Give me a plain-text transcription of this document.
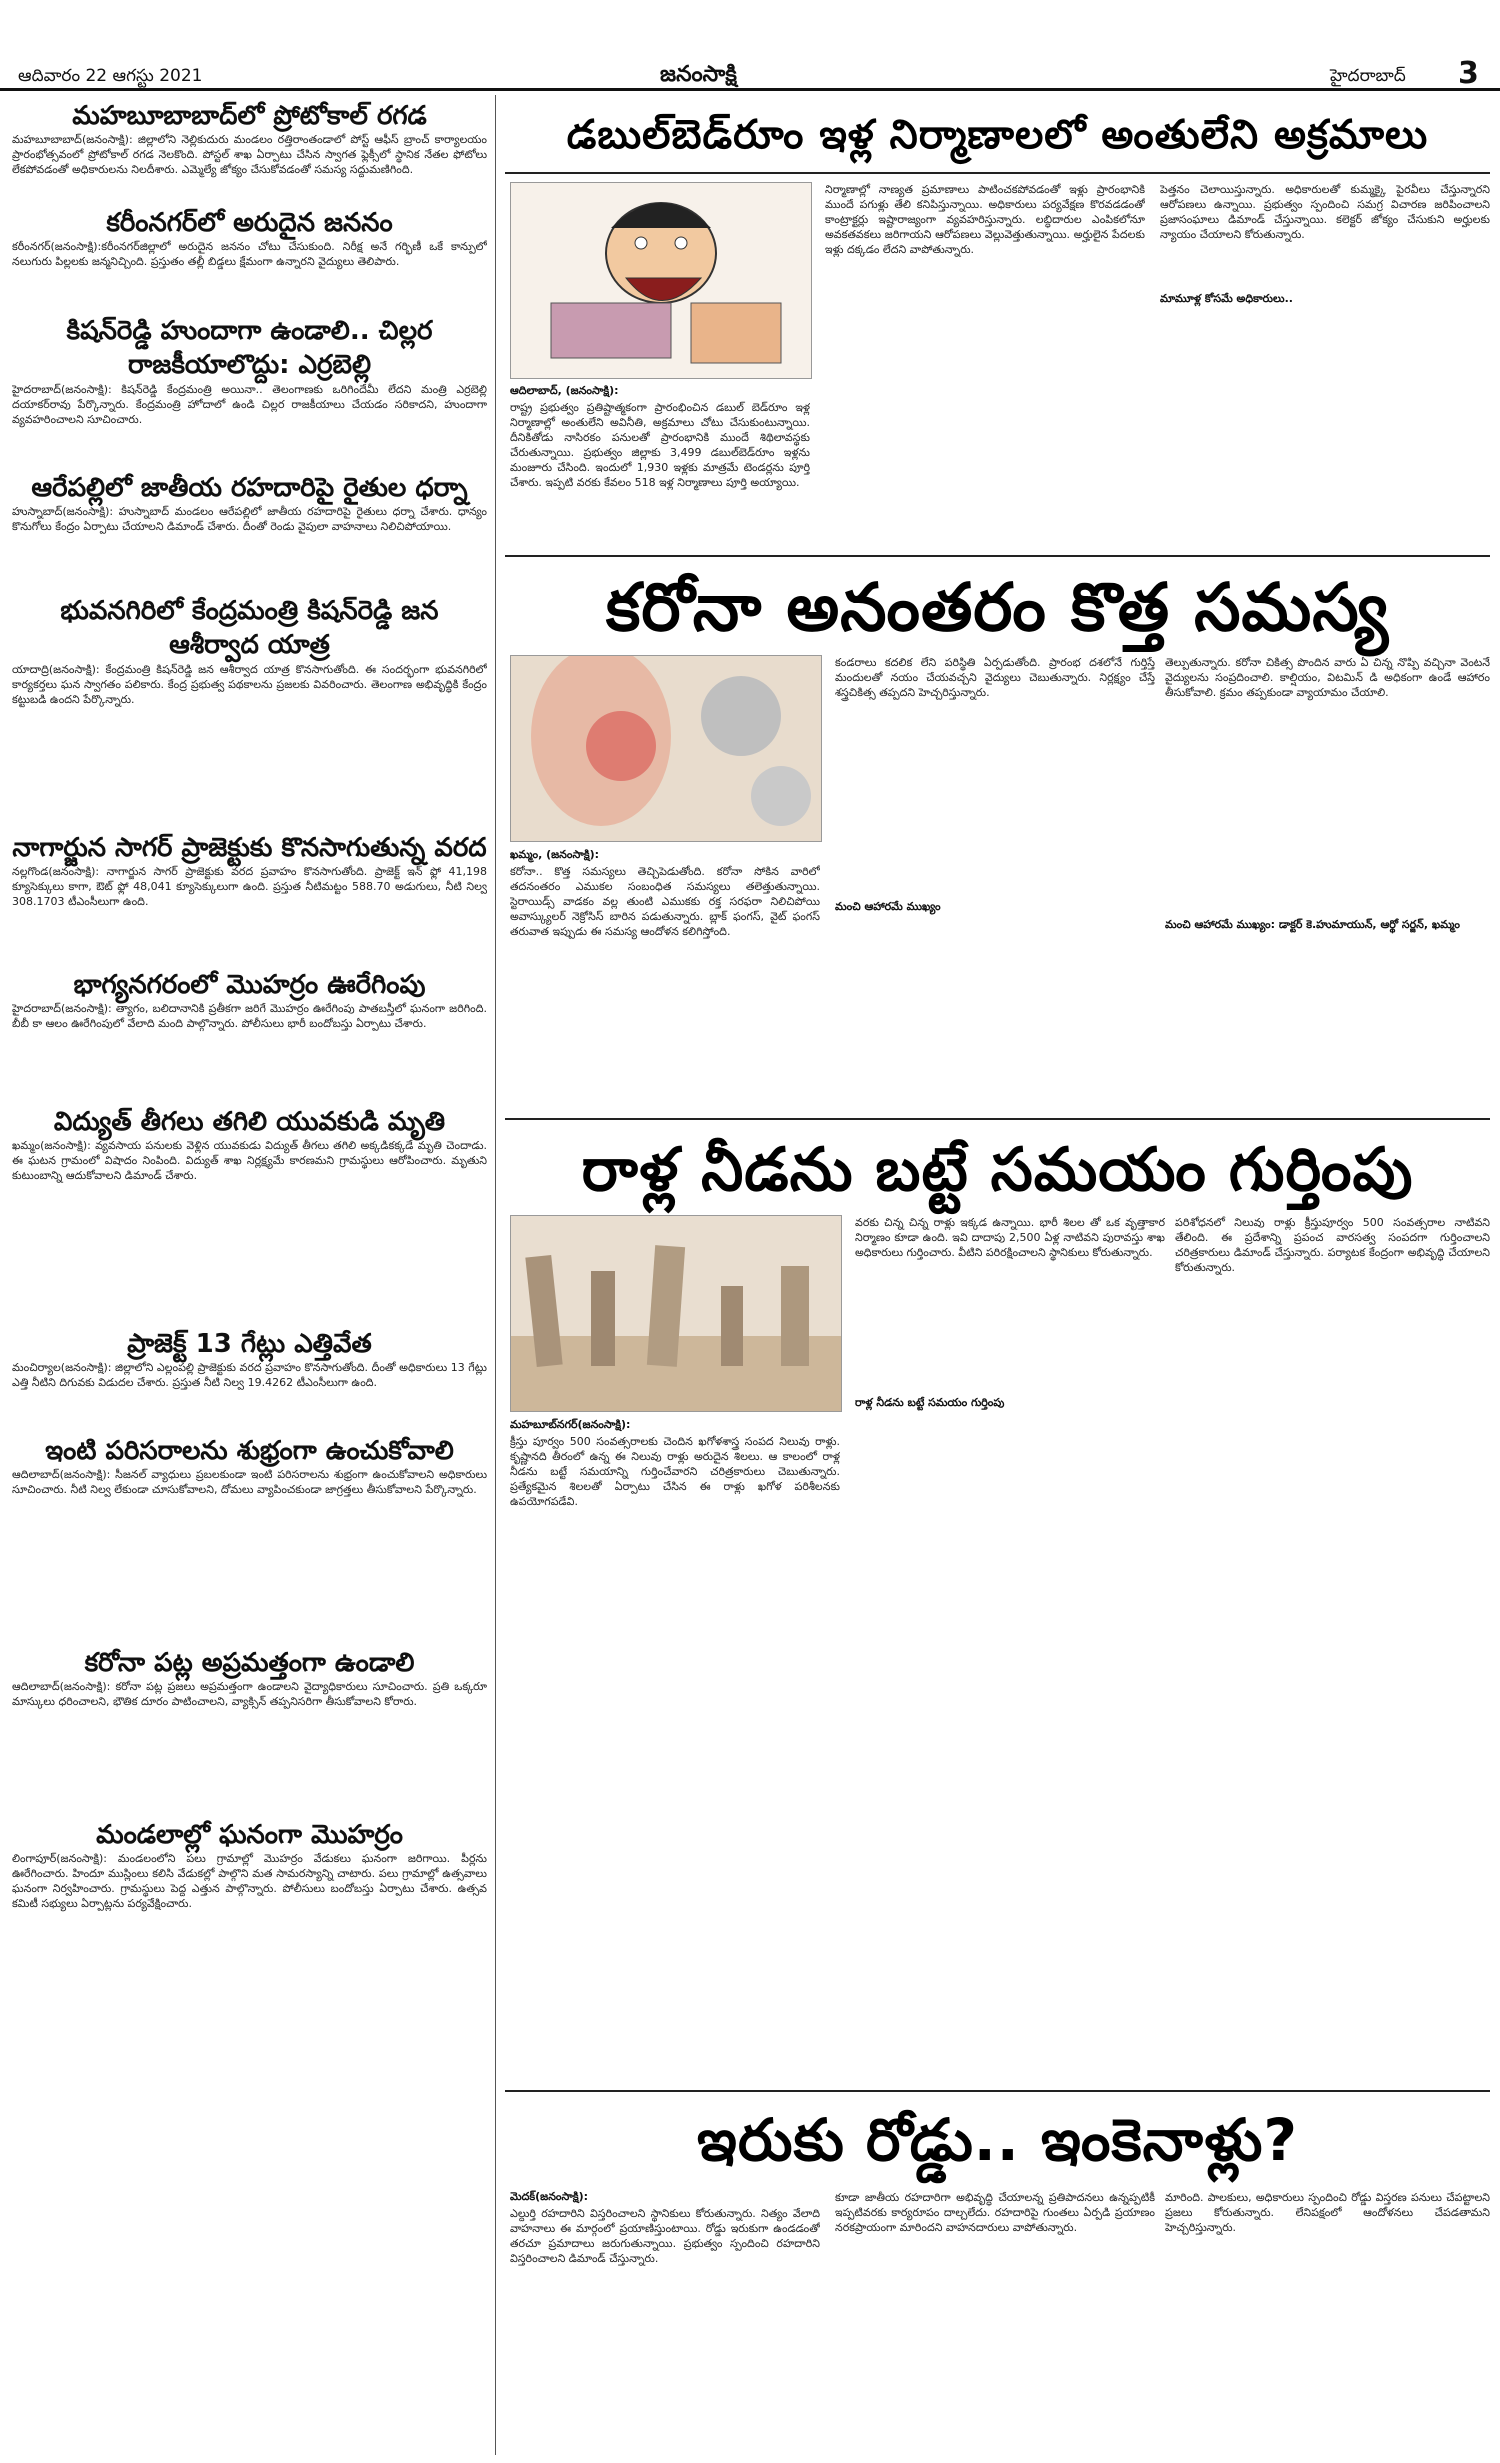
ఆదివారం 22 ఆగస్టు 2021	జనంసాక్షి	హైదరాబాద్ 3
మహబూబాబాద్‌లో ప్రోటోకాల్‌ రగడ
మహబూబాబాద్‌(జనంసాక్షి): జిల్లాలోని నెల్లికుదురు మండలం రత్తిరాంతండాలో పోస్ట్‌ ఆఫీస్‌ బ్రాంచ్‌ కార్యాలయం ప్రారంభోత్సవంలో ప్రోటోకాల్‌ రగడ నెలకొంది. పోస్టల్‌ శాఖ ఏర్పాటు చేసిన స్వాగత ఫ్లెక్సీలో స్థానిక నేతల ఫోటోలు లేకపోవడంతో అధికారులను నిలదీశారు. ఎమ్మెల్యే జోక్యం చేసుకోవడంతో సమస్య సద్దుమణిగింది.
కరీంనగర్‌లో అరుదైన జననం
కరీంనగర్‌(జనంసాక్షి):కరీంనగర్‌జిల్లాలో అరుదైన జననం చోటు చేసుకుంది. నిరీక్ష అనే గర్భిణీ ఒకే కాన్పులో నలుగురు పిల్లలకు జన్మనిచ్చింది. ప్రస్తుతం తల్లీ బిడ్డలు క్షేమంగా ఉన్నారని వైద్యులు తెలిపారు.
కిషన్‌రెడ్డి హుందాగా ఉండాలి.. చిల్లర రాజకీయాలొద్దు: ఎర్రబెల్లి
హైదరాబాద్‌(జనంసాక్షి): కిషన్‌రెడ్డి కేంద్రమంత్రి అయినా.. తెలంగాణకు ఒరిగిందేమీ లేదని మంత్రి ఎర్రబెల్లి దయాకర్‌రావు పేర్కొన్నారు. కేంద్రమంత్రి హోదాలో ఉండి చిల్లర రాజకీయాలు చేయడం సరికాదని, హుందాగా వ్యవహరించాలని సూచించారు.
ఆరేపల్లిలో జాతీయ రహదారిపై రైతుల ధర్నా
హుస్నాబాద్‌(జనంసాక్షి): హుస్నాబాద్‌ మండలం ఆరేపల్లిలో జాతీయ రహదారిపై రైతులు ధర్నా చేశారు. ధాన్యం కొనుగోలు కేంద్రం ఏర్పాటు చేయాలని డిమాండ్‌ చేశారు. దీంతో రెండు వైపులా వాహనాలు నిలిచిపోయాయి.
భువనగిరిలో కేంద్రమంత్రి కిషన్‌రెడ్డి జన ఆశీర్వాద యాత్ర
యాదాద్రి(జనంసాక్షి): కేంద్రమంత్రి కిషన్‌రెడ్డి జన ఆశీర్వాద యాత్ర కొనసాగుతోంది. ఈ సందర్భంగా భువనగిరిలో కార్యకర్తలు ఘన స్వాగతం పలికారు. కేంద్ర ప్రభుత్వ పథకాలను ప్రజలకు వివరించారు. తెలంగాణ అభివృద్ధికి కేంద్రం కట్టుబడి ఉందని పేర్కొన్నారు.
నాగార్జున సాగర్‌ ప్రాజెక్టుకు కొనసాగుతున్న వరద
నల్లగొండ(జనంసాక్షి): నాగార్జున సాగర్‌ ప్రాజెక్టుకు వరద ప్రవాహం కొనసాగుతోంది. ప్రాజెక్ట్‌ ఇన్‌ ఫ్లో 41,198 క్యూసెక్కులు కాగా, ఔట్‌ ఫ్లో 48,041 క్యూసెక్కులుగా ఉంది. ప్రస్తుత నీటిమట్టం 588.70 అడుగులు, నీటి నిల్వ 308.1703 టీఎంసీలుగా ఉంది.
భాగ్యనగరంలో మొహర్రం ఊరేగింపు
హైదరాబాద్‌(జనంసాక్షి): త్యాగం, బలిదానానికి ప్రతీకగా జరిగే మొహర్రం ఊరేగింపు పాతబస్తీలో ఘనంగా జరిగింది. బీబీ కా ఆలం ఊరేగింపులో వేలాది మంది పాల్గొన్నారు. పోలీసులు భారీ బందోబస్తు ఏర్పాటు చేశారు.
విద్యుత్‌ తీగలు తగిలి యువకుడి మృతి
ఖమ్మం(జనంసాక్షి): వ్యవసాయ పనులకు వెళ్లిన యువకుడు విద్యుత్‌ తీగలు తగిలి అక్కడికక్కడే మృతి చెందాడు. ఈ ఘటన గ్రామంలో విషాదం నింపింది. విద్యుత్‌ శాఖ నిర్లక్ష్యమే కారణమని గ్రామస్థులు ఆరోపించారు. మృతుని కుటుంబాన్ని ఆదుకోవాలని డిమాండ్‌ చేశారు.
ప్రాజెక్ట్‌ 13 గేట్లు ఎత్తివేత
మంచిర్యాల(జనంసాక్షి): జిల్లాలోని ఎల్లంపల్లి ప్రాజెక్టుకు వరద ప్రవాహం కొనసాగుతోంది. దీంతో అధికారులు 13 గేట్లు ఎత్తి నీటిని దిగువకు విడుదల చేశారు. ప్రస్తుత నీటి నిల్వ 19.4262 టీఎంసీలుగా ఉంది.
ఇంటి పరిసరాలను శుభ్రంగా ఉంచుకోవాలి
ఆదిలాబాద్‌(జనంసాక్షి): సీజనల్‌ వ్యాధులు ప్రబలకుండా ఇంటి పరిసరాలను శుభ్రంగా ఉంచుకోవాలని అధికారులు సూచించారు. నీటి నిల్వ లేకుండా చూసుకోవాలని, దోమలు వ్యాపించకుండా జాగ్రత్తలు తీసుకోవాలని పేర్కొన్నారు.
కరోనా పట్ల అప్రమత్తంగా ఉండాలి
ఆదిలాబాద్‌(జనంసాక్షి): కరోనా పట్ల ప్రజలు అప్రమత్తంగా ఉండాలని వైద్యాధికారులు సూచించారు. ప్రతి ఒక్కరూ మాస్కులు ధరించాలని, భౌతిక దూరం పాటించాలని, వ్యాక్సిన్‌ తప్పనిసరిగా తీసుకోవాలని కోరారు.
మండలాల్లో ఘనంగా మొహర్రం
లింగాపూర్‌(జనంసాక్షి): మండలంలోని పలు గ్రామాల్లో మొహర్రం వేడుకలు ఘనంగా జరిగాయి. పీర్లను ఊరేగించారు. హిందూ ముస్లింలు కలిసి వేడుకల్లో పాల్గొని మత సామరస్యాన్ని చాటారు. పలు గ్రామాల్లో ఉత్సవాలు ఘనంగా నిర్వహించారు. గ్రామస్థులు పెద్ద ఎత్తున పాల్గొన్నారు. పోలీసులు బందోబస్తు ఏర్పాటు చేశారు. ఉత్సవ కమిటీ సభ్యులు ఏర్పాట్లను పర్యవేక్షించారు.
డబుల్‌బెడ్‌రూం ఇళ్ల నిర్మాణాలలో అంతులేని అక్రమాలు
ఆదిలాబాద్‌, (జనంసాక్షి):
రాష్ట్ర ప్రభుత్వం ప్రతిష్టాత్మకంగా ప్రారంభించిన డబుల్‌ బెడ్‌రూం ఇళ్ల నిర్మాణాల్లో అంతులేని అవినీతి, అక్రమాలు చోటు చేసుకుంటున్నాయి. దీనికితోడు నాసిరకం పనులతో ప్రారంభానికి ముందే శిథిలావస్థకు చేరుతున్నాయి. ప్రభుత్వం జిల్లాకు 3,499 డబుల్‌బెడ్‌రూం ఇళ్లను మంజూరు చేసింది. ఇందులో 1,930 ఇళ్లకు మాత్రమే టెండర్లను పూర్తి చేశారు. ఇప్పటి వరకు కేవలం 518 ఇళ్ల నిర్మాణాలు పూర్తి అయ్యాయి.
నిర్మాణాల్లో నాణ్యత ప్రమాణాలు పాటించకపోవడంతో ఇళ్లు ప్రారంభానికి ముందే పగుళ్లు తేలి కనిపిస్తున్నాయి. అధికారులు పర్యవేక్షణ కొరవడడంతో కాంట్రాక్టర్లు ఇష్టారాజ్యంగా వ్యవహరిస్తున్నారు. లబ్ధిదారుల ఎంపికలోనూ అవకతవకలు జరిగాయని ఆరోపణలు వెల్లువెత్తుతున్నాయి. అర్హులైన పేదలకు ఇళ్లు దక్కడం లేదని వాపోతున్నారు.
పెత్తనం చెలాయిస్తున్నారు. అధికారులతో కుమ్మక్కై పైరవీలు చేస్తున్నారని ఆరోపణలు ఉన్నాయి. ప్రభుత్వం స్పందించి సమగ్ర విచారణ జరిపించాలని ప్రజాసంఘాలు డిమాండ్‌ చేస్తున్నాయి. కలెక్టర్‌ జోక్యం చేసుకుని అర్హులకు న్యాయం చేయాలని కోరుతున్నారు.
మామూళ్ల కోసమే అధికారులు..
కరోనా అనంతరం కొత్త సమస్య
ఖమ్మం, (జనంసాక్షి):
కరోనా.. కొత్త సమస్యలు తెచ్చిపెడుతోంది. కరోనా సోకిన వారిలో తదనంతరం ఎముకల సంబంధిత సమస్యలు తలెత్తుతున్నాయి. స్టెరాయిడ్స్‌ వాడకం వల్ల తుంటి ఎముకకు రక్త సరఫరా నిలిచిపోయి అవాస్క్యులర్‌ నెక్రోసిస్‌ బారిన పడుతున్నారు. బ్లాక్‌ ఫంగస్‌, వైట్‌ ఫంగస్‌ తరువాత ఇప్పుడు ఈ సమస్య ఆందోళన కలిగిస్తోంది.
కండరాలు కదలిక లేని పరిస్థితి ఏర్పడుతోంది. ప్రారంభ దశలోనే గుర్తిస్తే మందులతో నయం చేయవచ్చని వైద్యులు చెబుతున్నారు. నిర్లక్ష్యం చేస్తే శస్త్రచికిత్స తప్పదని హెచ్చరిస్తున్నారు.
మంచి ఆహారమే ముఖ్యం
తెల్పుతున్నారు. కరోనా చికిత్స పొందిన వారు ఏ చిన్న నొప్పి వచ్చినా వెంటనే వైద్యులను సంప్రదించాలి. కాల్షియం, విటమిన్‌ డి అధికంగా ఉండే ఆహారం తీసుకోవాలి. క్రమం తప్పకుండా వ్యాయామం చేయాలి.
మంచి ఆహారమే ముఖ్యం: డాక్టర్‌ కె.హుమాయున్‌, ఆర్థో సర్జన్‌, ఖమ్మం
రాళ్ల నీడను బట్టే సమయం గుర్తింపు
మహబూబ్‌నగర్‌(జనంసాక్షి):
క్రీస్తు పూర్వం 500 సంవత్సరాలకు చెందిన ఖగోళశాస్త్ర సంపద నిలువు రాళ్లు. కృష్ణానది తీరంలో ఉన్న ఈ నిలువు రాళ్లు అరుదైన శిలలు. ఆ కాలంలో రాళ్ల నీడను బట్టే సమయాన్ని గుర్తించేవారని చరిత్రకారులు చెబుతున్నారు. ప్రత్యేకమైన శిలలతో ఏర్పాటు చేసిన ఈ రాళ్లు ఖగోళ పరిశీలనకు ఉపయోగపడేవి.
వరకు చిన్న చిన్న రాళ్లు ఇక్కడ ఉన్నాయి. భారీ శిలల తో ఒక వృత్తాకార నిర్మాణం కూడా ఉంది. ఇవి దాదాపు 2,500 ఏళ్ల నాటివని పురావస్తు శాఖ అధికారులు గుర్తించారు. వీటిని పరిరక్షించాలని స్థానికులు కోరుతున్నారు.
రాళ్ల నీడను బట్టే సమయం గుర్తింపు
పరిశోధనలో నిలువు రాళ్లు క్రీస్తుపూర్వం 500 సంవత్సరాల నాటివని తేలింది. ఈ ప్రదేశాన్ని ప్రపంచ వారసత్వ సంపదగా గుర్తించాలని చరిత్రకారులు డిమాండ్‌ చేస్తున్నారు. పర్యాటక కేంద్రంగా అభివృద్ధి చేయాలని కోరుతున్నారు.
ఇరుకు రోడ్డు.. ఇంకెనాళ్లు?
మెదక్‌(జనంసాక్షి):
ఎల్దుర్తి రహదారిని విస్తరించాలని స్థానికులు కోరుతున్నారు. నిత్యం వేలాది వాహనాలు ఈ మార్గంలో ప్రయాణిస్తుంటాయి. రోడ్డు ఇరుకుగా ఉండడంతో తరచూ ప్రమాదాలు జరుగుతున్నాయి. ప్రభుత్వం స్పందించి రహదారిని విస్తరించాలని డిమాండ్‌ చేస్తున్నారు.
కూడా జాతీయ రహదారిగా అభివృద్ధి చేయాలన్న ప్రతిపాదనలు ఉన్నప్పటికీ ఇప్పటివరకు కార్యరూపం దాల్చలేదు. రహదారిపై గుంతలు ఏర్పడి ప్రయాణం నరకప్రాయంగా మారిందని వాహనదారులు వాపోతున్నారు.
మారింది. పాలకులు, అధికారులు స్పందించి రోడ్డు విస్తరణ పనులు చేపట్టాలని ప్రజలు కోరుతున్నారు. లేనిపక్షంలో ఆందోళనలు చేపడతామని హెచ్చరిస్తున్నారు.
